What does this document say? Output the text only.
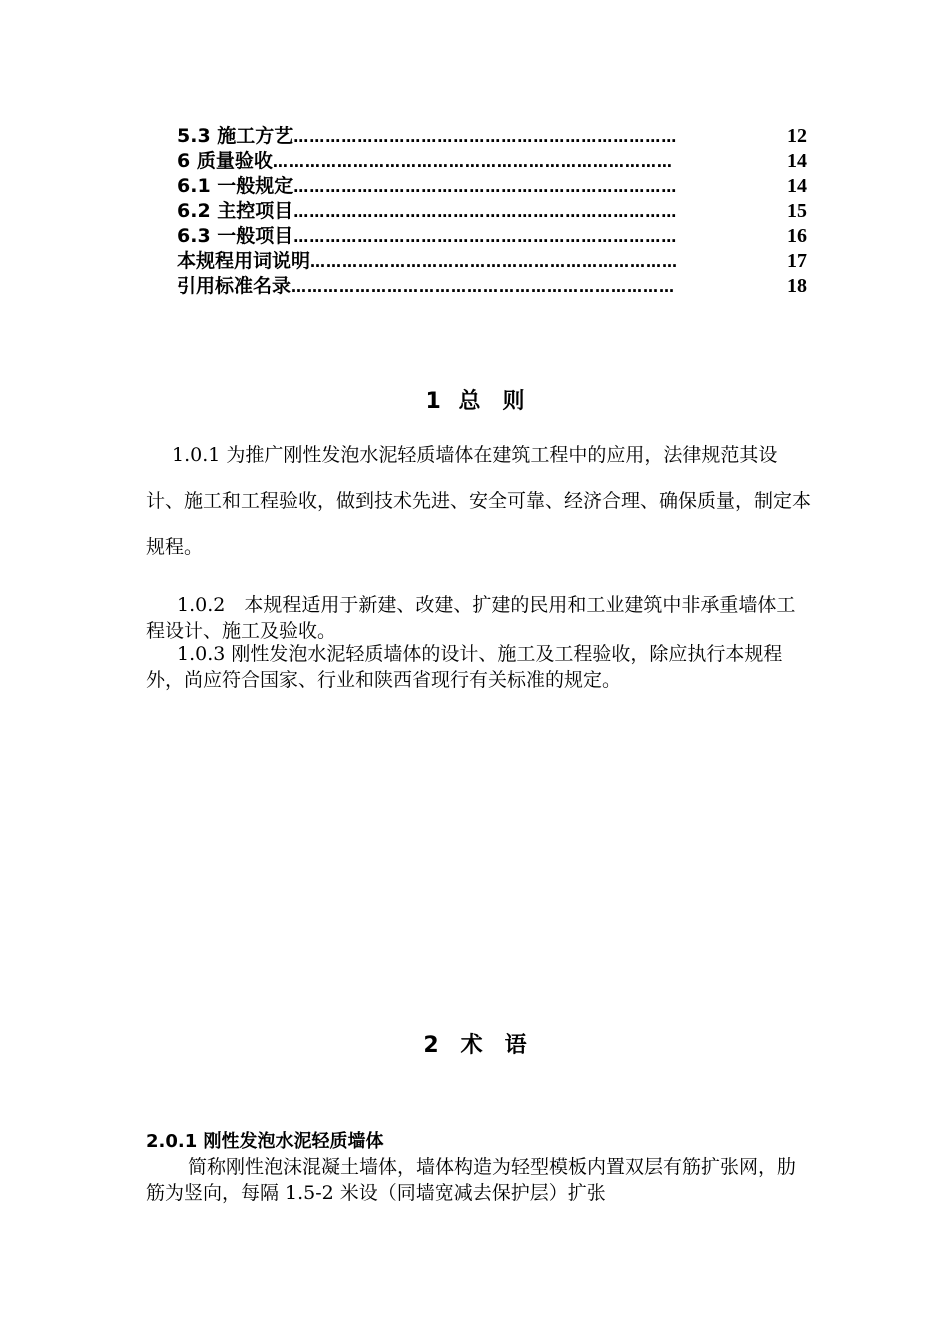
5.3 施工方艺 ………………………………………………………………	12
6 质量验收 …………………………………………………………………	14
6.1 一般规定 ………………………………………………………………	14
6.2 主控项目 ………………………………………………………………	15
6.3 一般项目 ………………………………………………………………	16
本规程用词说明 ……………………………………………………………	17
引用标准名录 ………………………………………………………………	18
1 总　则

1.0.1 为推广刚性发泡水泥轻质墙体在建筑工程中的应用，法律规范其设计、施工和工程验收，做到技术先进、安全可靠、经济合理、确保质量，制定本规程。

1.0.2　本规程适用于新建、改建、扩建的民用和工业建筑中非承重墙体工程设计、施工及验收。

1.0.3 刚性发泡水泥轻质墙体的设计、施工及工程验收，除应执行本规程外，尚应符合国家、行业和陕西省现行有关标准的规定。

2　术　语
2.0.1 刚性发泡水泥轻质墙体

简称刚性泡沫混凝土墙体，墙体构造为轻型模板内置双层有筋扩张网，肋筋为竖向，每隔 1.5-2 米设（同墙宽减去保护层）扩张
